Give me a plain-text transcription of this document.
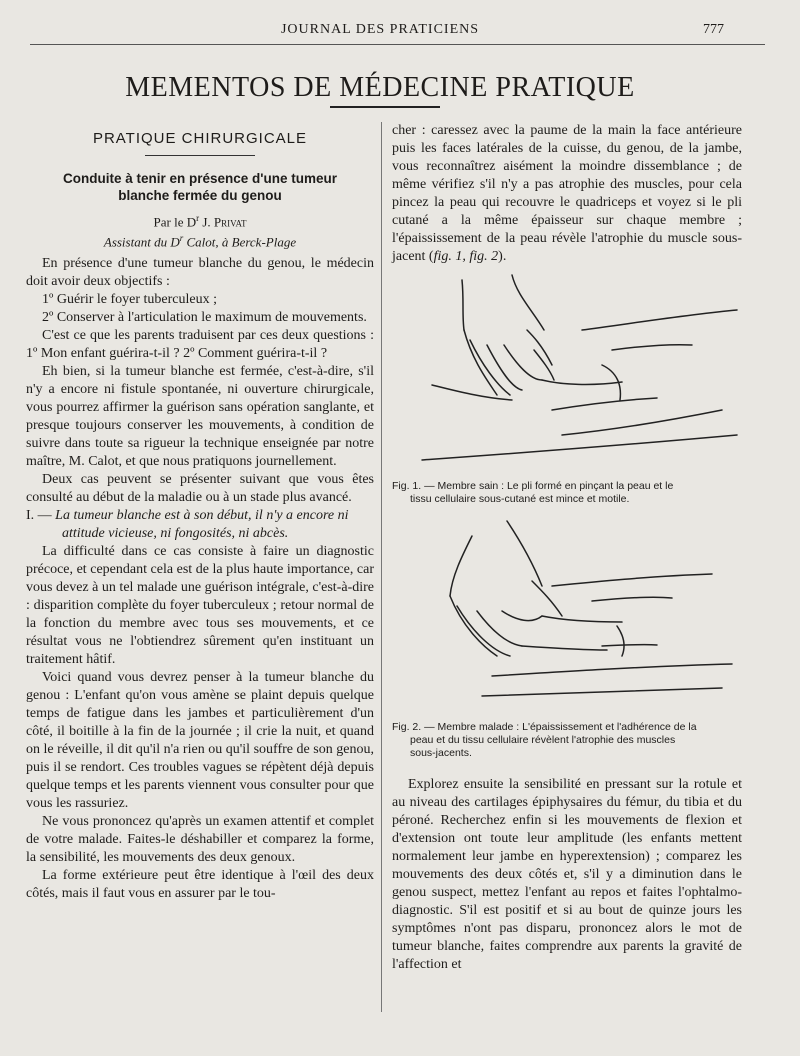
JOURNAL DES PRATICIENS	777
MEMENTOS DE MÉDECINE PRATIQUE
PRATIQUE CHIRURGICALE
Conduite à tenir en présence d'une tumeur
blanche fermée du genou
Par le $D^r$ J. Privat
Assistant du $D^r$ Calot, à Berck-Plage

En présence d'une tumeur blanche du genou, le médecin doit avoir deux objectifs :

1º Guérir le foyer tuberculeux ;

2º Conserver à l'articulation le maximum de mouvements.

C'est ce que les parents traduisent par ces deux questions : 1º Mon enfant guérira-t-il ? 2º Comment guérira-t-il ?

Eh bien, si la tumeur blanche est fermée, c'est-à-dire, s'il n'y a encore ni fistule spontanée, ni ouverture chirurgicale, vous pourrez affirmer la guérison sans opération sanglante, et presque toujours conserver les mouvements, à condition de suivre dans toute sa rigueur la technique enseignée par notre maître, M. Calot, et que nous pratiquons journellement.

Deux cas peuvent se présenter suivant que vous êtes consulté au début de la maladie ou à un stade plus avancé.

I. — La tumeur blanche est à son début, il n'y a encore ni attitude vicieuse, ni fongosités, ni abcès.

La difficulté dans ce cas consiste à faire un diagnostic précoce, et cependant cela est de la plus haute importance, car vous devez à un tel malade une guérison intégrale, c'est-à-dire : disparition complète du foyer tuberculeux ; retour normal de la fonction du membre avec tous ses mouvements, et ce résultat vous ne l'obtiendrez sûrement qu'en instituant un traitement hâtif.

Voici quand vous devrez penser à la tumeur blanche du genou : L'enfant qu'on vous amène se plaint depuis quelque temps de fatigue dans les jambes et particulièrement d'un côté, il boitille à la fin de la journée ; il crie la nuit, et quand on le réveille, il dit qu'il n'a rien ou qu'il souffre de son genou, puis il se rendort. Ces troubles vagues se répètent déjà depuis quelque temps et les parents viennent vous consulter pour que vous les rassuriez.

Ne vous prononcez qu'après un examen attentif et complet de votre malade. Faites-le déshabiller et comparez la forme, la sensibilité, les mouvements des deux genoux.

La forme extérieure peut être identique à l'œil des deux côtés, mais il faut vous en assurer par le tou-

cher : caressez avec la paume de la main la face antérieure puis les faces latérales de la cuisse, du genou, de la jambe, vous reconnaîtrez aisément la moindre dissemblance ; de même vérifiez s'il n'y a pas atrophie des muscles, pour cela pincez la peau qui recouvre le quadriceps et voyez si le pli cutané a la même épaisseur sur chaque membre ; l'épaississement de la peau révèle l'atrophie du muscle sous-jacent (fig. 1, fig. 2).

Fig. 1. — Membre sain : Le pli formé en pinçant la peau et le
tissu cellulaire sous-cutané est mince et motile.
Fig. 2. — Membre malade : L'épaississement et l'adhérence de la
peau et du tissu cellulaire révèlent l'atrophie des muscles
sous-jacents.

Explorez ensuite la sensibilité en pressant sur la rotule et au niveau des cartilages épiphysaires du fémur, du tibia et du péroné. Recherchez enfin si les mouvements de flexion et d'extension ont toute leur amplitude (les enfants mettent normalement leur jambe en hyperextension) ; comparez les mouvements des deux côtés et, s'il y a diminution dans le genou suspect, mettez l'enfant au repos et faites l'ophtalmo-diagnostic. S'il est positif et si au bout de quinze jours les symptômes n'ont pas disparu, prononcez alors le mot de tumeur blanche, faites comprendre aux parents la gravité de l'affection et
